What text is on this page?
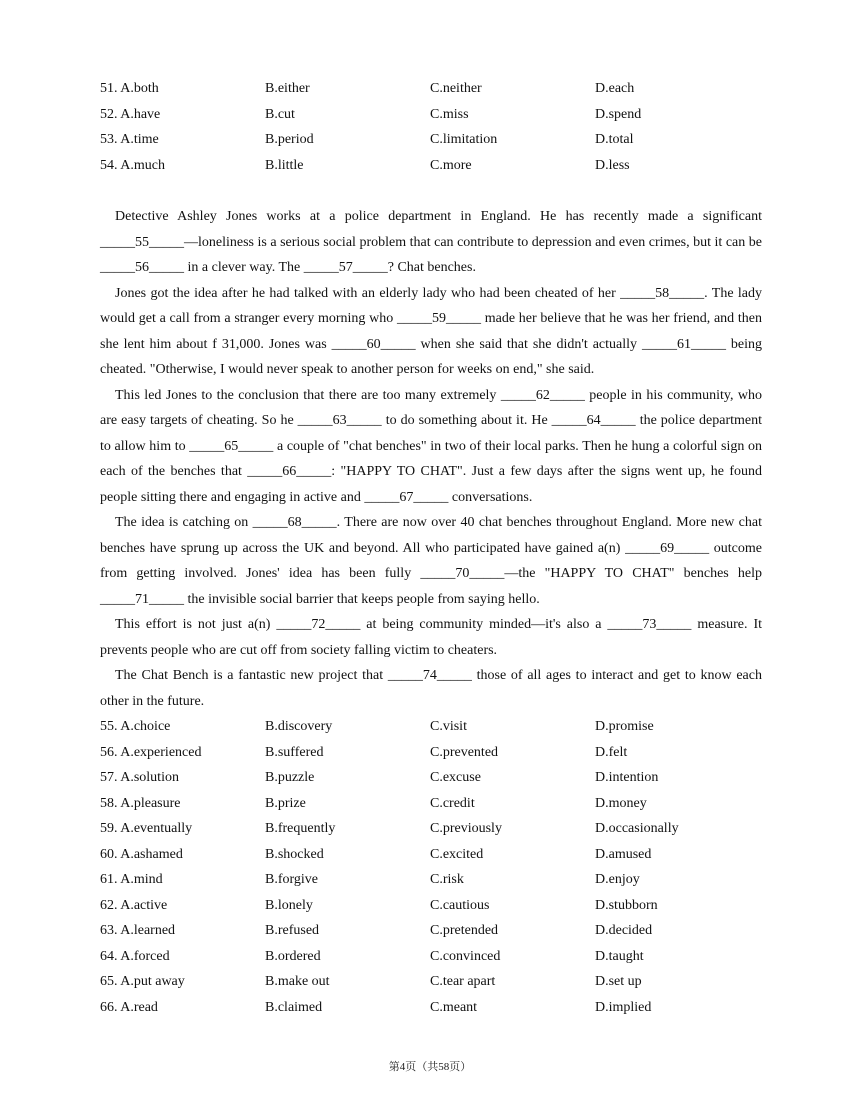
51. A.both	B.either	C.neither	D.each
52. A.have	B.cut	C.miss	D.spend
53. A.time	B.period	C.limitation	D.total
54. A.much	B.little	C.more	D.less

Detective Ashley Jones works at a police department in England. He has recently made a significant _____55_____—loneliness is a serious social problem that can contribute to depression and even crimes, but it can be _____56_____ in a clever way. The _____57_____? Chat benches.

Jones got the idea after he had talked with an elderly lady who had been cheated of her _____58_____. The lady would get a call from a stranger every morning who _____59_____ made her believe that he was her friend, and then she lent him about f 31,000. Jones was _____60_____ when she said that she didn't actually _____61_____ being cheated. "Otherwise, I would never speak to another person for weeks on end," she said.

This led Jones to the conclusion that there are too many extremely _____62_____ people in his community, who are easy targets of cheating. So he _____63_____ to do something about it. He _____64_____ the police department to allow him to _____65_____ a couple of "chat benches" in two of their local parks. Then he hung a colorful sign on each of the benches that _____66_____: "HAPPY TO CHAT". Just a few days after the signs went up, he found people sitting there and engaging in active and _____67_____ conversations.

The idea is catching on _____68_____. There are now over 40 chat benches throughout England. More new chat benches have sprung up across the UK and beyond. All who participated have gained a(n) _____69_____ outcome from getting involved. Jones' idea has been fully _____70_____—the "HAPPY TO CHAT" benches help _____71_____ the invisible social barrier that keeps people from saying hello.

This effort is not just a(n) _____72_____ at being community minded—it's also a _____73_____ measure. It prevents people who are cut off from society falling victim to cheaters.

The Chat Bench is a fantastic new project that _____74_____ those of all ages to interact and get to know each other in the future.

55. A.choice	B.discovery	C.visit	D.promise
56. A.experienced	B.suffered	C.prevented	D.felt
57. A.solution	B.puzzle	C.excuse	D.intention
58. A.pleasure	B.prize	C.credit	D.money
59. A.eventually	B.frequently	C.previously	D.occasionally
60. A.ashamed	B.shocked	C.excited	D.amused
61. A.mind	B.forgive	C.risk	D.enjoy
62. A.active	B.lonely	C.cautious	D.stubborn
63. A.learned	B.refused	C.pretended	D.decided
64. A.forced	B.ordered	C.convinced	D.taught
65. A.put away	B.make out	C.tear apart	D.set up
66. A.read	B.claimed	C.meant	D.implied
第4页（共58页）
